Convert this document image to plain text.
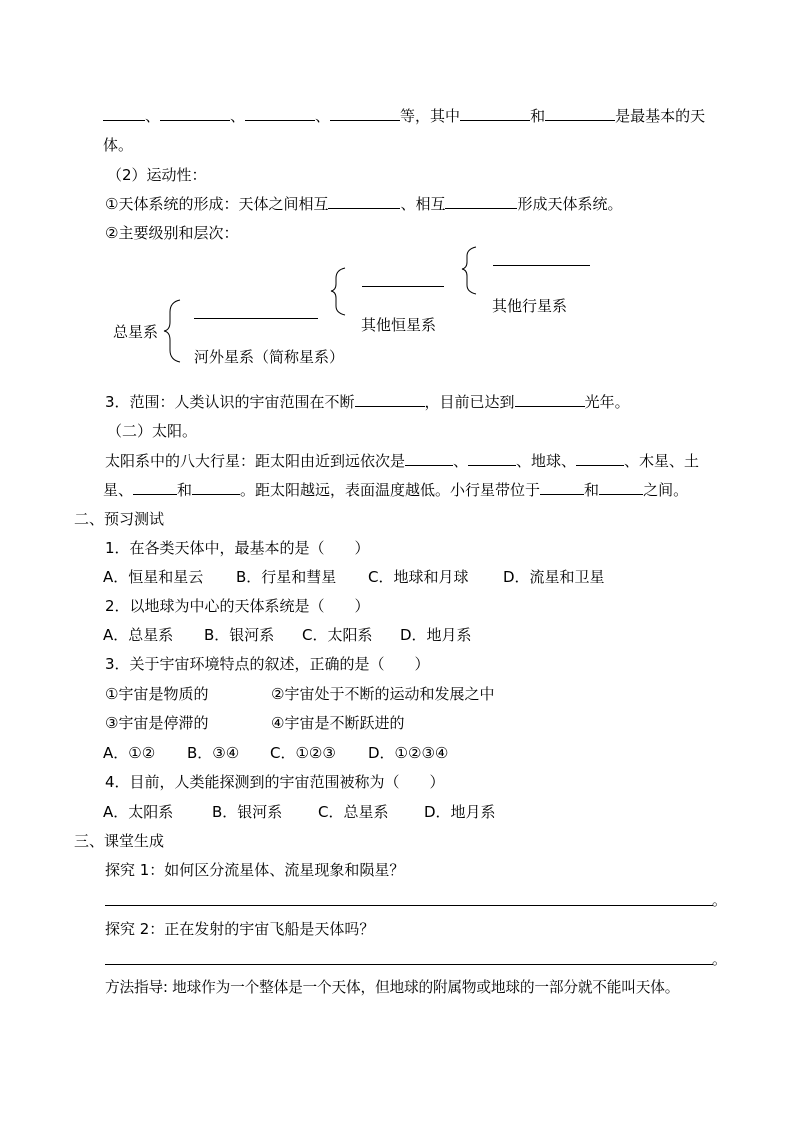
、	、	、	等，其中	和	是最基本的天
体。
（2）运动性：
①天体系统的形成：天体之间相互	、相互	形成天体系统。
②主要级别和层次：
总星系
河外星系（简称星系）
其他恒星系
其他行星系
3．范围：人类认识的宇宙范围在不断	，目前已达到	光年。
（二）太阳。
太阳系中的八大行星：距太阳由近到远依次是	、	、地球、	、木星、土
星、	和	。距太阳越远，表面温度越低。小行星带位于	和	之间。
二、预习测试
1．在各类天体中，最基本的是（　　）
A．恒星和星云 B．行星和彗星 C．地球和月球 D．流星和卫星
2．以地球为中心的天体系统是（　　）
A．总星系 B．银河系 C．太阳系 D．地月系
3．关于宇宙环境特点的叙述，正确的是（　　）
①宇宙是物质的	②宇宙处于不断的运动和发展之中
③宇宙是停滞的	④宇宙是不断跃进的
A．①② B．③④ C．①②③ D．①②③④
4．目前，人类能探测到的宇宙范围被称为（　　）
A．太阳系	B．银河系 C．总星系 D．地月系
三、课堂生成
探究 1：如何区分流星体、流星现象和陨星？
。
探究 2：正在发射的宇宙飞船是天体吗？
。
方法指导: 地球作为一个整体是一个天体，但地球的附属物或地球的一部分就不能叫天体。
